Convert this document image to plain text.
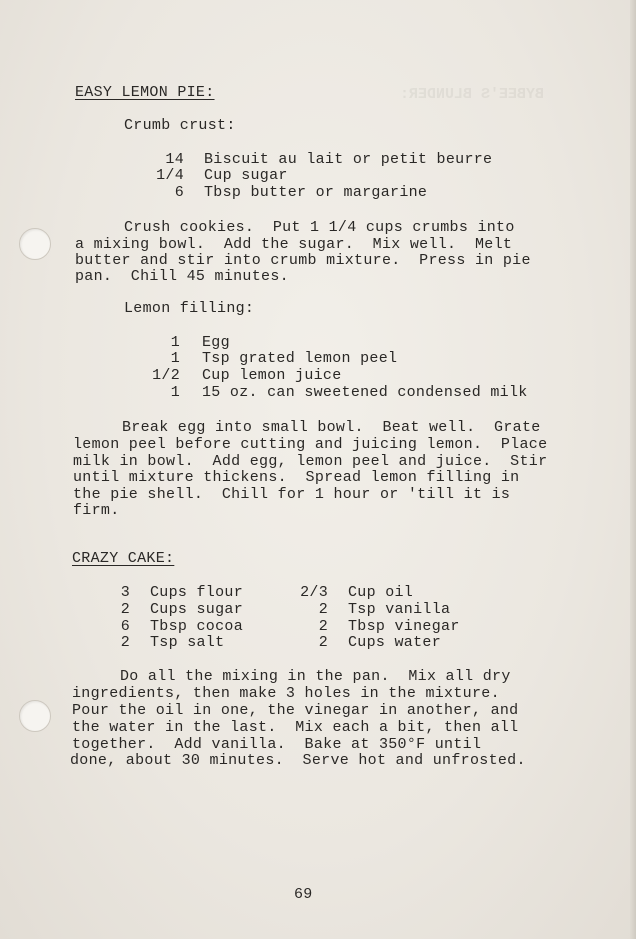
BYBEE'S BLUNDER:
EASY LEMON PIE:
Crumb crust:
14 Biscuit au lait or petit beurre
1/4 Cup sugar
6 Tbsp butter or margarine
Crush cookies.  Put 1 1/4 cups crumbs into
a mixing bowl.  Add the sugar.  Mix well.  Melt
butter and stir into crumb mixture.  Press in pie
pan.  Chill 45 minutes.
Lemon filling:
1 Egg
1 Tsp grated lemon peel
1/2 Cup lemon juice
1 15 oz. can sweetened condensed milk
Break egg into small bowl.  Beat well.  Grate
lemon peel before cutting and juicing lemon.  Place
milk in bowl.  Add egg, lemon peel and juice.  Stir
until mixture thickens.  Spread lemon filling in
the pie shell.  Chill for 1 hour or 'till it is
firm.
CRAZY CAKE:
3 Cups flour
2 Cups sugar
6 Tbsp cocoa
2 Tsp salt
2/3 Cup oil
2 Tsp vanilla
2 Tbsp vinegar
2 Cups water
Do all the mixing in the pan.  Mix all dry
ingredients, then make 3 holes in the mixture.
Pour the oil in one, the vinegar in another, and
the water in the last.  Mix each a bit, then all
together.  Add vanilla.  Bake at 350°F until
done, about 30 minutes.  Serve hot and unfrosted.
69
